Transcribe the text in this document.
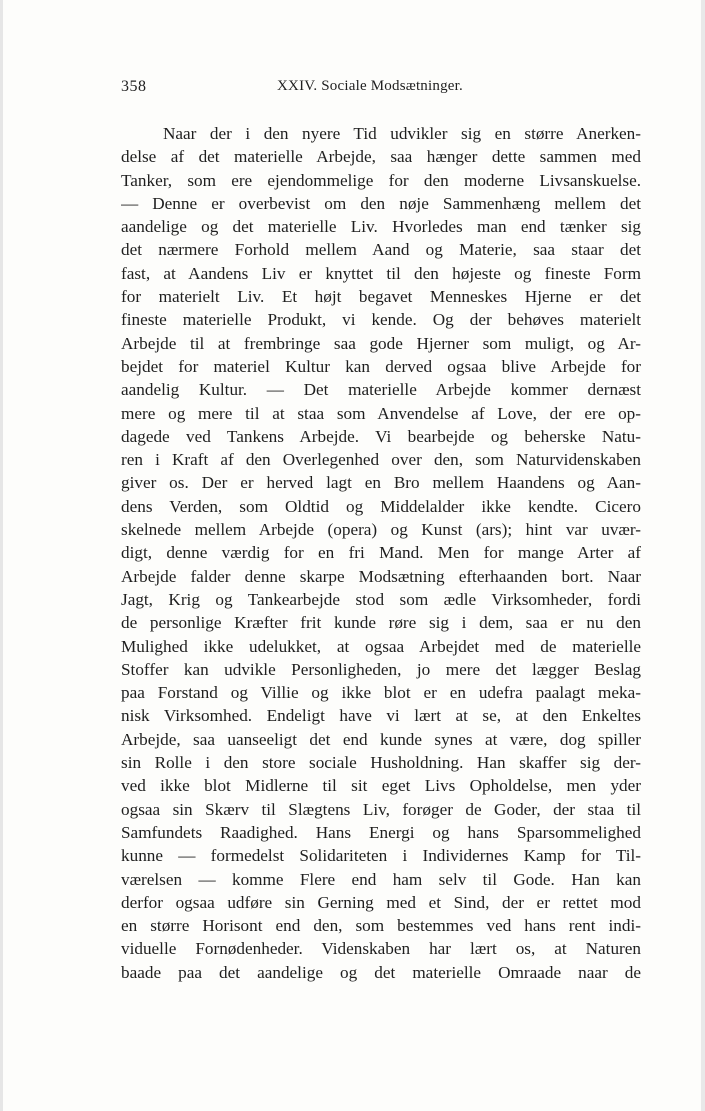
358	XXIV. Sociale Modsætninger.
Naar der i den nyere Tid udvikler sig en større Anerken-
delse af det materielle Arbejde, saa hænger dette sammen med
Tanker, som ere ejendommelige for den moderne Livsanskuelse.
— Denne er overbevist om den nøje Sammenhæng mellem det
aandelige og det materielle Liv. Hvorledes man end tænker sig
det nærmere Forhold mellem Aand og Materie, saa staar det
fast, at Aandens Liv er knyttet til den højeste og fineste Form
for materielt Liv. Et højt begavet Menneskes Hjerne er det
fineste materielle Produkt, vi kende. Og der behøves materielt
Arbejde til at frembringe saa gode Hjerner som muligt, og Ar-
bejdet for materiel Kultur kan derved ogsaa blive Arbejde for
aandelig Kultur. — Det materielle Arbejde kommer dernæst
mere og mere til at staa som Anvendelse af Love, der ere op-
dagede ved Tankens Arbejde. Vi bearbejde og beherske Natu-
ren i Kraft af den Overlegenhed over den, som Naturvidenskaben
giver os. Der er herved lagt en Bro mellem Haandens og Aan-
dens Verden, som Oldtid og Middelalder ikke kendte. Cicero
skelnede mellem Arbejde (opera) og Kunst (ars); hint var uvær-
digt, denne værdig for en fri Mand. Men for mange Arter af
Arbejde falder denne skarpe Modsætning efterhaanden bort. Naar
Jagt, Krig og Tankearbejde stod som ædle Virksomheder, fordi
de personlige Kræfter frit kunde røre sig i dem, saa er nu den
Mulighed ikke udelukket, at ogsaa Arbejdet med de materielle
Stoffer kan udvikle Personligheden, jo mere det lægger Beslag
paa Forstand og Villie og ikke blot er en udefra paalagt meka-
nisk Virksomhed. Endeligt have vi lært at se, at den Enkeltes
Arbejde, saa uanseeligt det end kunde synes at være, dog spiller
sin Rolle i den store sociale Husholdning. Han skaffer sig der-
ved ikke blot Midlerne til sit eget Livs Opholdelse, men yder
ogsaa sin Skærv til Slægtens Liv, forøger de Goder, der staa til
Samfundets Raadighed. Hans Energi og hans Sparsommelighed
kunne — formedelst Solidariteten i Individernes Kamp for Til-
værelsen — komme Flere end ham selv til Gode. Han kan
derfor ogsaa udføre sin Gerning med et Sind, der er rettet mod
en større Horisont end den, som bestemmes ved hans rent indi-
viduelle Fornødenheder. Videnskaben har lært os, at Naturen
baade paa det aandelige og det materielle Omraade naar de
